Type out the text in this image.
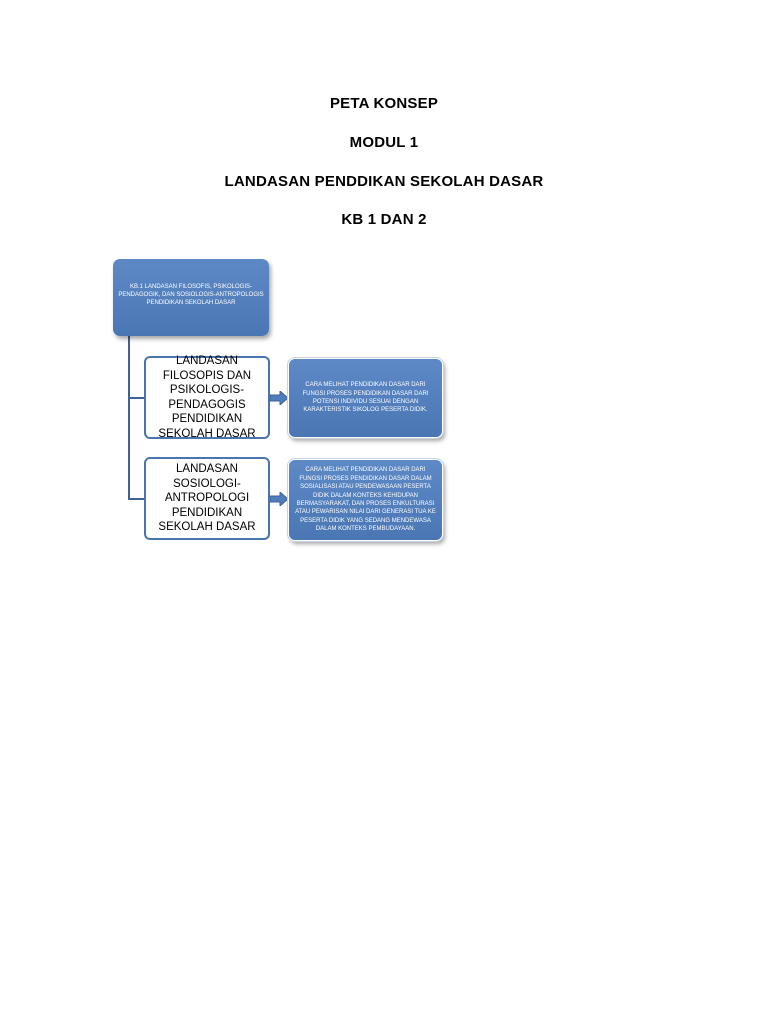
PETA KONSEP
MODUL 1
LANDASAN PENDDIKAN SEKOLAH DASAR
KB 1 DAN 2
KB.1 LANDASAN FILOSOFIS, PSIKOLOGIS-PENDAGOGIK, DAN SOSIOLOGIS-ANTROPOLOGIS PENDIDIKAN SEKOLAH DASAR
LANDASAN FILOSOPIS DAN PSIKOLOGIS-PENDAGOGIS PENDIDIKAN SEKOLAH DASAR
CARA MELIHAT PENDIDIKAN DASAR DARI FUNGSI PROSES PENDIDIKAN DASAR DARI POTENSI INDIVIDU SESUAI DENGAN KARAKTERISTIK SIKOLOG PESERTA DIDIK.
LANDASAN SOSIOLOGI-ANTROPOLOGI PENDIDIKAN SEKOLAH DASAR
CARA MELIHAT PENDIDIKAN DASAR DARI FUNGSI PROSES PENDIDIKAN DASAR DALAM SOSIALISASI ATAU PENDEWASAAN PESERTA DIDIK DALAM KONTEKS KEHIDUPAN BERMASYARAKAT, DAN PROSES ENKULTURASI ATAU PEWARISAN NILAI DARI GENERASI TUA KE PESERTA DIDIK YANG SEDANG MENDEWASA DALAM KONTEKS PEMBUDAYAAN.
